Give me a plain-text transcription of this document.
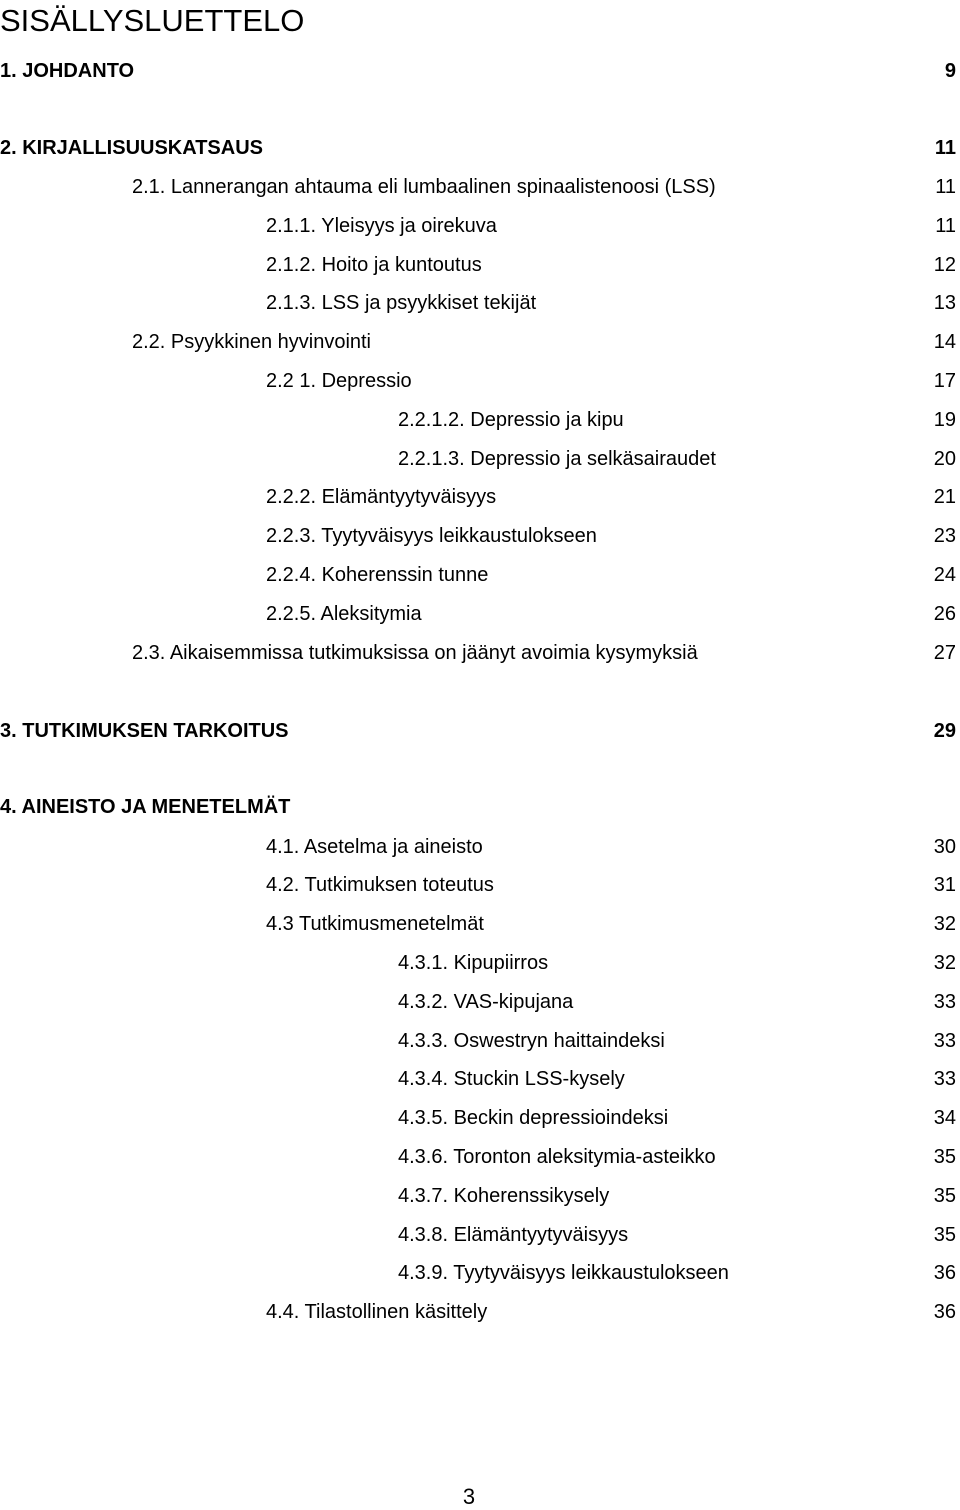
SISÄLLYSLUETTELO
1. JOHDANTO	9
2. KIRJALLISUUSKATSAUS	11
2.1. Lannerangan ahtauma eli lumbaalinen spinaalistenoosi (LSS)	11
2.1.1. Yleisyys ja oirekuva	11
2.1.2. Hoito ja kuntoutus	12
2.1.3. LSS ja psyykkiset tekijät	13
2.2. Psyykkinen hyvinvointi	14
2.2 1. Depressio	17
2.2.1.2. Depressio ja kipu	19
2.2.1.3. Depressio ja selkäsairaudet	20
2.2.2. Elämäntyytyväisyys	21
2.2.3. Tyytyväisyys leikkaustulokseen	23
2.2.4. Koherenssin tunne	24
2.2.5. Aleksitymia	26
2.3. Aikaisemmissa tutkimuksissa on jäänyt avoimia kysymyksiä	27
3. TUTKIMUKSEN TARKOITUS	29
4. AINEISTO JA MENETELMÄT
4.1. Asetelma ja aineisto	30
4.2. Tutkimuksen toteutus	31
4.3 Tutkimusmenetelmät	32
4.3.1. Kipupiirros	32
4.3.2. VAS-kipujana	33
4.3.3. Oswestryn haittaindeksi	33
4.3.4. Stuckin LSS-kysely	33
4.3.5. Beckin depressioindeksi	34
4.3.6. Toronton aleksitymia-asteikko	35
4.3.7. Koherenssikysely	35
4.3.8. Elämäntyytyväisyys	35
4.3.9. Tyytyväisyys leikkaustulokseen	36
4.4. Tilastollinen käsittely	36
3
